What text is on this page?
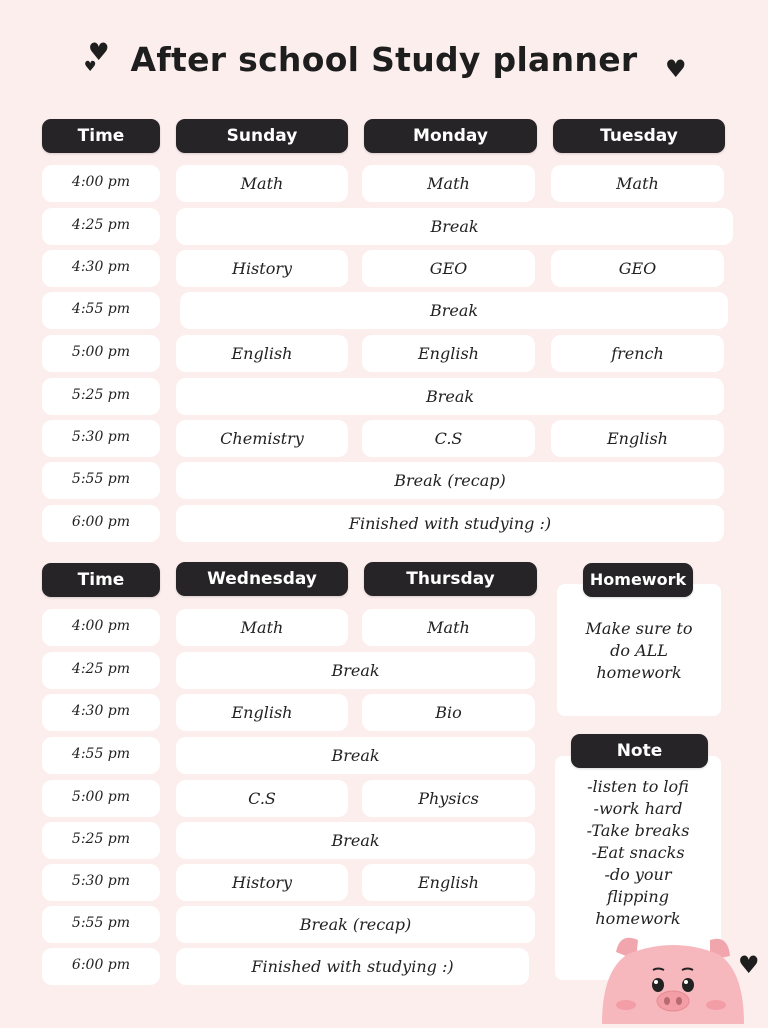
♥
♥	After school Study planner	♥
Time	Sunday	Monday	Tuesday
4:00 pm	Math	Math	Math
4:25 pm	Break
4:30 pm	History	GEO	GEO
4:55 pm	Break
5:00 pm	English	English	french
5:25 pm	Break
5:30 pm	Chemistry	C.S	English
5:55 pm	Break (recap)
6:00 pm	Finished with studying :)
Time	Wednesday	Thursday
4:00 pm	Math	Math
4:25 pm	Break
4:30 pm	English	Bio
4:55 pm	Break
5:00 pm	C.S	Physics
5:25 pm	Break
5:30 pm	History	English
5:55 pm	Break (recap)
6:00 pm	Finished with studying :)
Make sure to
do ALL
homework
Homework
-listen to lofi
-work hard
-Take breaks
-Eat snacks
-do your
flipping
homework
Note
♥
